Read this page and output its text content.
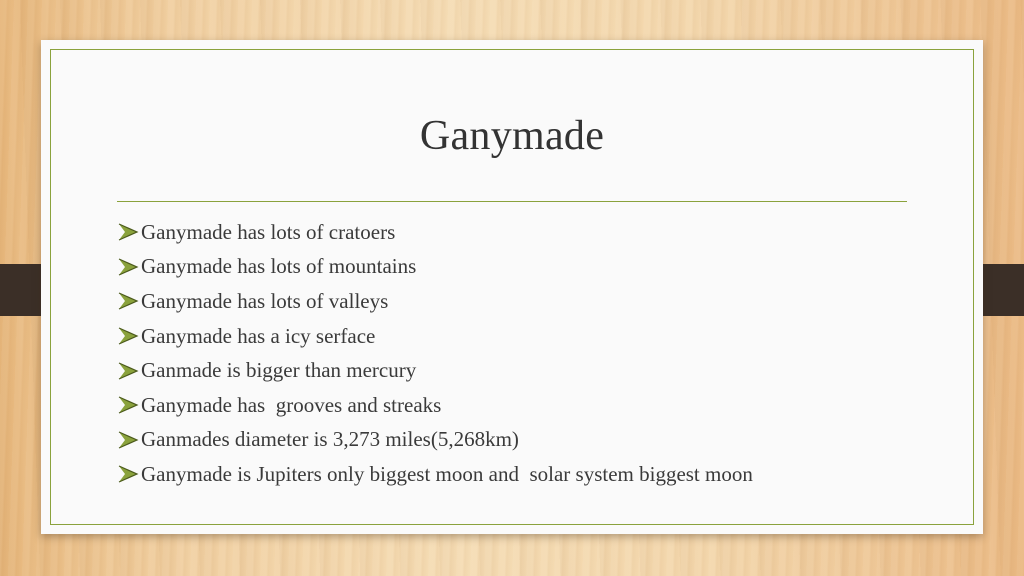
Ganymade
Ganymade has lots of cratoers
Ganymade has lots of mountains
Ganymade has lots of valleys
Ganymade has a icy serface
Ganmade is bigger than mercury
Ganymade has  grooves and streaks
Ganmades diameter is 3,273 miles(5,268km)
Ganymade is Jupiters only biggest moon and  solar system biggest moon
